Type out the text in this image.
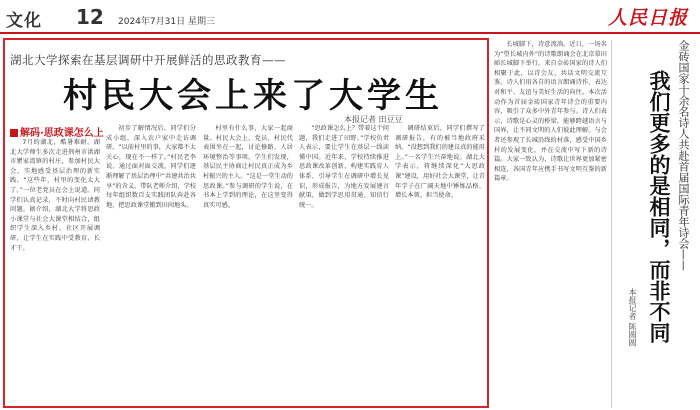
文化 12 2024年7月31日 星期三	人民日报
湖北大学探索在基层调研中开展鲜活的思政教育——
村民大会上来了大学生
本报记者 田豆豆
解码·思政课怎么上

7月的湖北，酷暑难耐。湖北大学师生多次走进荆州市洪湖市瞿家湾镇的村庄，参加村民大会，实地感受基层治理的新实践。“这些年，村里的变化太大了。”一位老党员在会上说道。同学们认真记录，不时向村民请教问题。据介绍，湖北大学将思政小课堂与社会大课堂相结合，组织学生深入乡村、社区开展调研，让学生在实践中受教育、长才干。

初步了解情况后，同学们分成小组，深入农户家中走访调研。“以前村里的事，大家都不太关心，现在不一样了。”村民老李说。通过面对面交流，同学们逐渐理解了基层治理中“共建共治共享”的含义。带队老师介绍，学校每年组织数百支实践团队奔赴各地，把思政课堂搬到田间地头。

村里有什么事，大家一起商量。村民大会上，党员、村民代表围坐在一起，讨论修路、人居环境整治等事项。学生们发现，基层民主协商让村民真正成为乡村振兴的主人。“这是一堂生动的思政课。”参与调研的学生说，在书本上学到的理论，在这里变得真实可感。

“思政课怎么上？带着这个问题，我们走进了田野。”学校负责人表示，要让学生在基层一线读懂中国。近年来，学校持续推进思政课改革创新，构建实践育人体系，引导学生在调研中增长见识，形成报告，为地方发展建言献策，做到学思用贯通、知信行统一。

调研结束后，同学们撰写了调研报告，有的被当地政府采纳。“没想到我们的建议真的能用上。”一名学生兴奋地说。湖北大学表示，将继续深化“大思政课”建设，用好社会大课堂，让青年学子在广阔天地中锤炼品格、增长本领、担当使命。

长城脚下，诗意流淌。近日，一场名为“望长城内外”的诗歌朗诵会在北京慕田峪长城脚下举行。来自金砖国家的诗人们相聚于此，以诗会友，共话文明交流互鉴。诗人们用各自的语言朗诵诗作，表达对和平、友谊与美好生活的向往。本次活动作为首届金砖国家青年诗会的重要内容，吸引了众多中外青年参与。诗人们表示，诗歌是心灵的桥梁，能够跨越语言与国界，让不同文明的人们彼此理解。与会者还参观了长城沿线的村落，感受中国乡村的发展变化，并在交流中写下新的诗篇。大家一致认为，诗歌让世界更加紧密相连，各国青年应携手书写文明互鉴的新篇章。	金砖国家十余名诗人共赴首届国际青年诗会——
我们更多的是相同，而非不同
本报记者 陈圆圆
